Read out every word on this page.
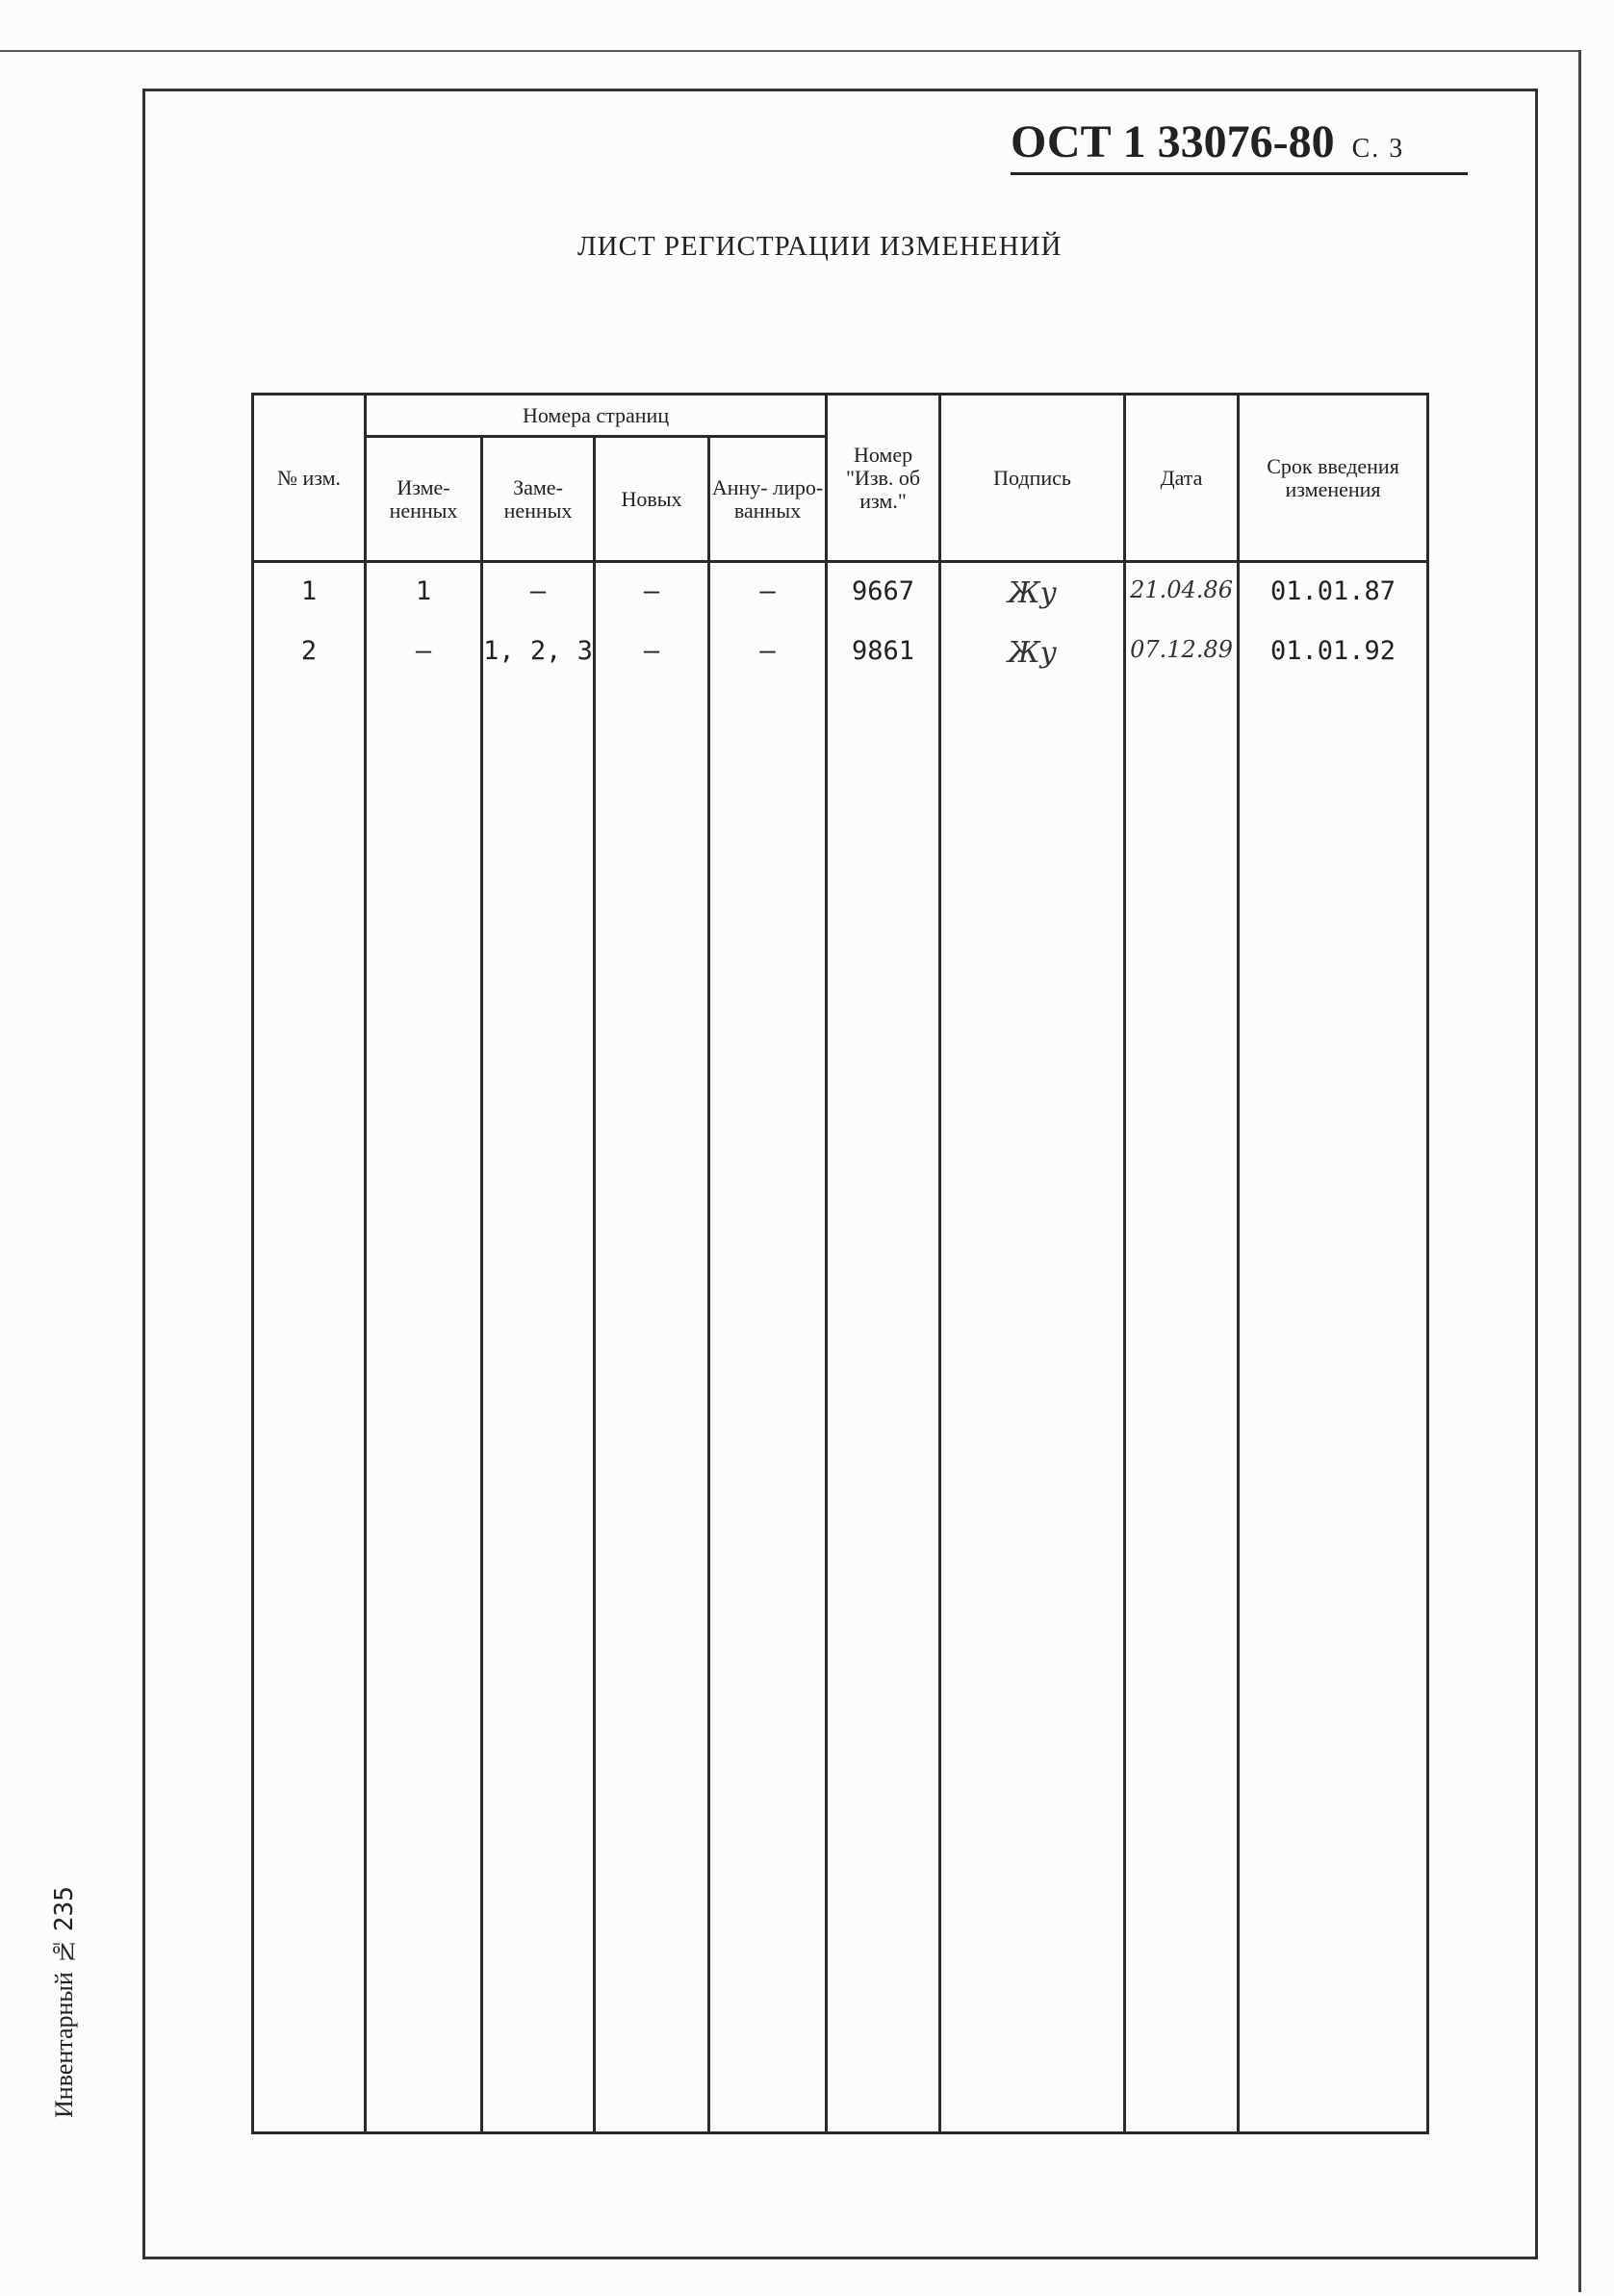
ОСТ 1 33076-80 С. 3
ЛИСТ РЕГИСТРАЦИИ ИЗМЕНЕНИЙ
Инвентарный № 235
№ изм.	Номера страниц				Номер "Изв. об изм."	Подпись	Дата	Срок введения изменения
	Изме- ненных	Заме- ненных	Новых	Анну- лиро- ванных				
1	1	–	–	–	9667	Жу	21.04.86	01.01.87
2	–	1, 2, 3	–	–	9861	Жу	07.12.89	01.01.92
